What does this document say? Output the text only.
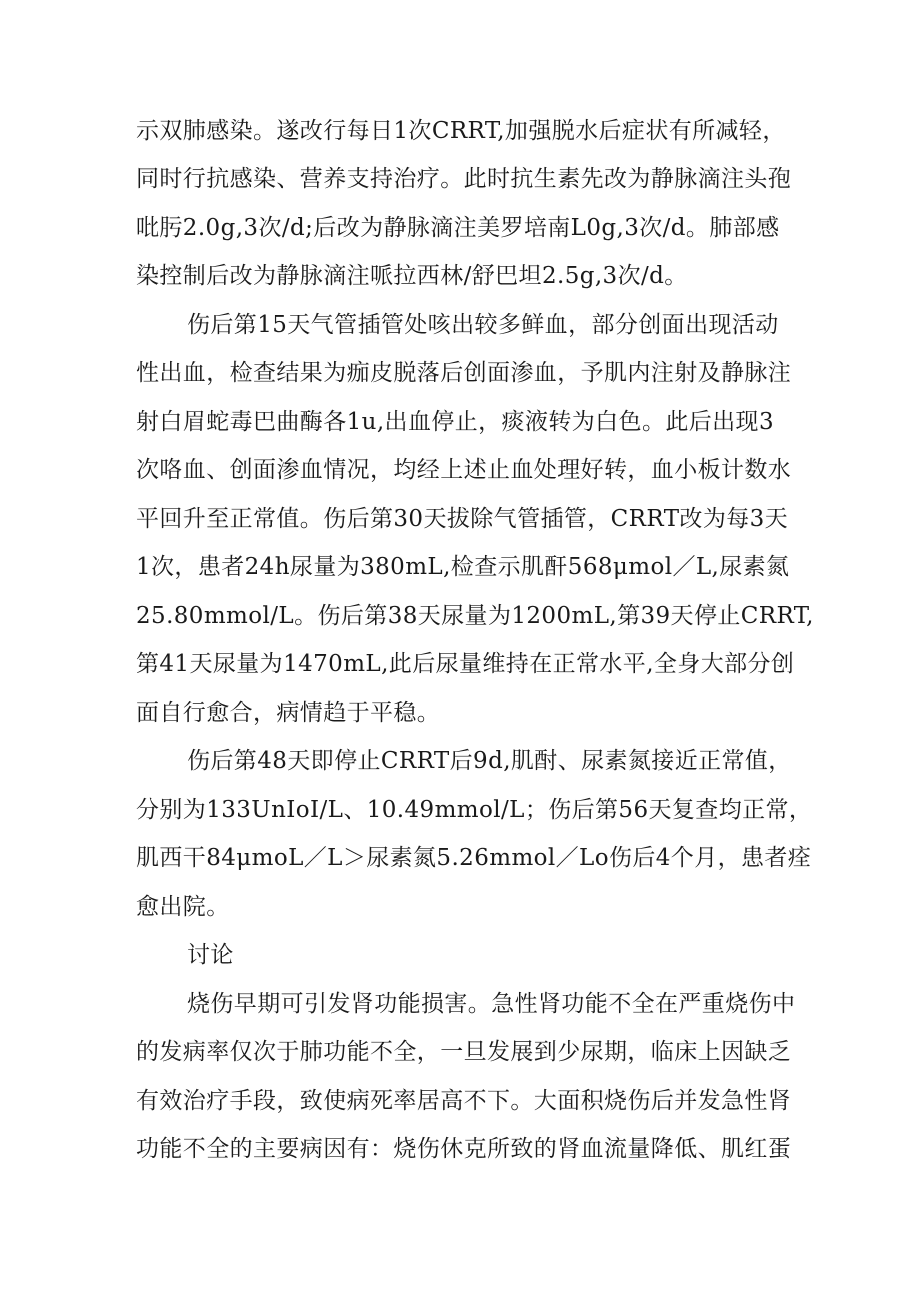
示双肺感染。遂改行每日1次CRRT,加强脱水后症状有所减轻，
同时行抗感染、营养支持治疗。此时抗生素先改为静脉滴注头孢
吡肟2.0g,3次/d;后改为静脉滴注美罗培南L0g,3次/d。肺部感
染控制后改为静脉滴注哌拉西林/舒巴坦2.5g,3次/d。
伤后第15天气管插管处咳出较多鲜血，部分创面出现活动
性出血，检查结果为痂皮脱落后创面渗血，予肌内注射及静脉注
射白眉蛇毒巴曲酶各1u,出血停止，痰液转为白色。此后出现3
次咯血、创面渗血情况，均经上述止血处理好转，血小板计数水
平回升至正常值。伤后第30天拔除气管插管，CRRT改为每3天
1次，患者24h尿量为380mL,检查示肌酐568μmol／L,尿素氮
25.80mmol/L。伤后第38天尿量为1200mL,第39天停止CRRT,
第41天尿量为1470mL,此后尿量维持在正常水平,全身大部分创
面自行愈合，病情趋于平稳。
伤后第48天即停止CRRT后9d,肌酎、尿素氮接近正常值，
分别为133UnIoI/L、10.49mmol/L；伤后第56天复查均正常，
肌西干84μmoL／L＞尿素氮5.26mmol／Lo伤后4个月，患者痊
愈出院。
讨论
烧伤早期可引发肾功能损害。急性肾功能不全在严重烧伤中
的发病率仅次于肺功能不全，一旦发展到少尿期，临床上因缺乏
有效治疗手段，致使病死率居高不下。大面积烧伤后并发急性肾
功能不全的主要病因有：烧伤休克所致的肾血流量降低、肌红蛋
